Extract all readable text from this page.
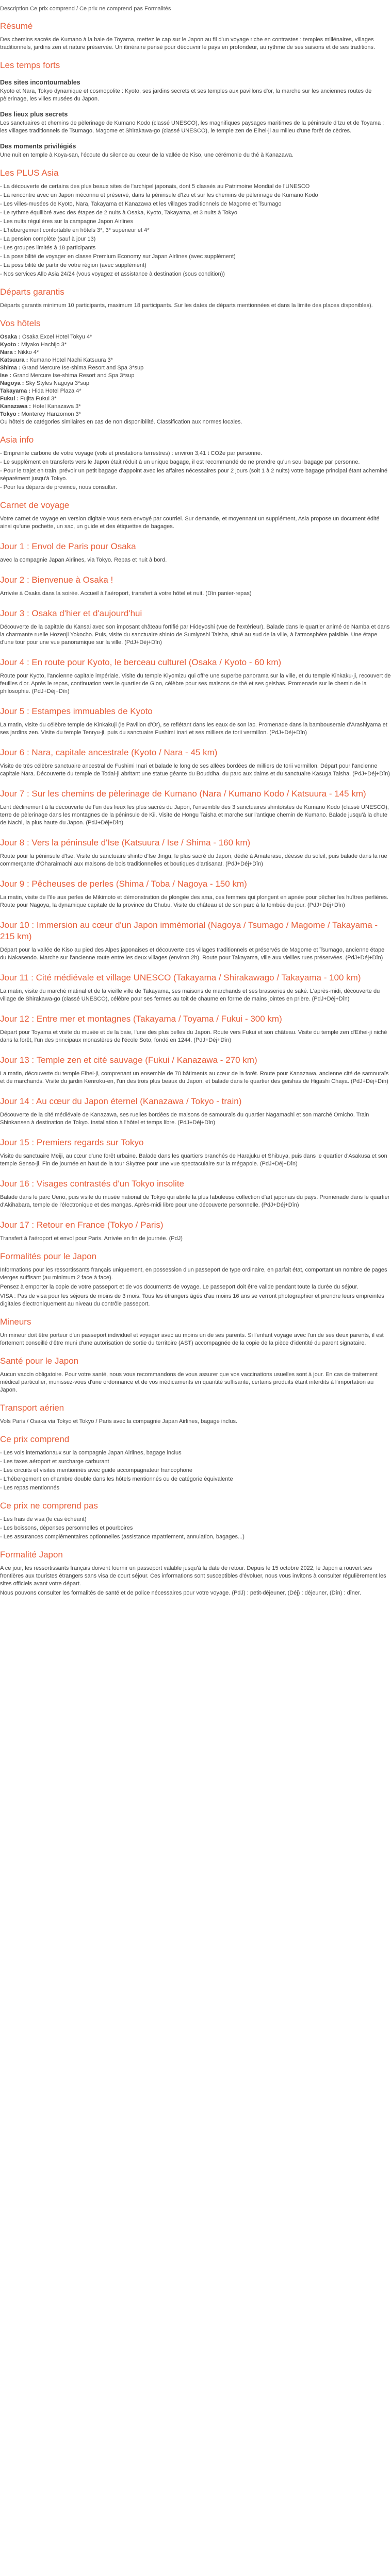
Description Ce prix comprend / Ce prix ne comprend pas Formalités

Résumé

Des chemins sacrés de Kumano à la baie de Toyama, mettez le cap sur le Japon au fil d'un voyage riche en contrastes : temples millénaires, villages traditionnels, jardins zen et nature préservée. Un itinéraire pensé pour découvrir le pays en profondeur, au rythme de ses saisons et de ses traditions.

Les temps forts
Des sites incontournables

Kyoto et Nara, Tokyo dynamique et cosmopolite : Kyoto, ses jardins secrets et ses temples aux pavillons d'or, la marche sur les anciennes routes de pèlerinage, les villes musées du Japon.

Des lieux plus secrets

Les sanctuaires et chemins de pèlerinage de Kumano Kodo (classé UNESCO), les magnifiques paysages maritimes de la péninsule d'Izu et de Toyama : les villages traditionnels de Tsumago, Magome et Shirakawa-go (classé UNESCO), le temple zen de Eihei-ji au milieu d'une forêt de cèdres.

Des moments privilégiés

Une nuit en temple à Koya-san, l'écoute du silence au cœur de la vallée de Kiso, une cérémonie du thé à Kanazawa.

Les PLUS Asia

- La découverte de certains des plus beaux sites de l'archipel japonais, dont 5 classés au Patrimoine Mondial de l'UNESCO

- La rencontre avec un Japon méconnu et préservé, dans la péninsule d'Izu et sur les chemins de pèlerinage de Kumano Kodo

- Les villes-musées de Kyoto, Nara, Takayama et Kanazawa et les villages traditionnels de Magome et Tsumago

- Le rythme équilibré avec des étapes de 2 nuits à Osaka, Kyoto, Takayama, et 3 nuits à Tokyo

- Les nuits régulières sur la campagne Japon Airlines

- L'hébergement confortable en hôtels 3*, 3* supérieur et 4*

- La pension complète (sauf à jour 13)

- Les groupes limités à 18 participants

- La possibilité de voyager en classe Premium Economy sur Japan Airlines (avec supplément)

- La possibilité de partir de votre région (avec supplément)

- Nos services Allo Asia 24/24 (vous voyagez et assistance à destination (sous condition))

Départs garantis

Départs garantis minimum 10 participants, maximum 18 participants. Sur les dates de départs mentionnées et dans la limite des places disponibles).

Vos hôtels

Osaka : Osaka Excel Hotel Tokyu 4*

Kyoto : Miyako Hachijo 3*

Nara : Nikko 4*

Katsuura : Kumano Hotel Nachi Katsuura 3*

Shima : Grand Mercure Ise-shima Resort and Spa 3*sup

Ise : Grand Mercure Ise-shima Resort and Spa 3*sup

Nagoya : Sky Styles Nagoya 3*sup

Takayama : Hida Hotel Plaza 4*

Fukui : Fujita Fukui 3*

Kanazawa : Hotel Kanazawa 3*

Tokyo : Monterey Hanzomon 3*

Ou hôtels de catégories similaires en cas de non disponibilité. Classification aux normes locales.

Asia info

- Empreinte carbone de votre voyage (vols et prestations terrestres) : environ 3,41 t CO2e par personne.

- Le supplément en transferts vers le Japon était réduit à un unique bagage, il est recommandé de ne prendre qu'un seul bagage par personne.

- Pour le trajet en train, prévoir un petit bagage d'appoint avec les affaires nécessaires pour 2 jours (soit 1 à 2 nuits) votre bagage principal étant acheminé séparément jusqu'à Tokyo.

- Pour les départs de province, nous consulter.

Carnet de voyage

Votre carnet de voyage en version digitale vous sera envoyé par courriel. Sur demande, et moyennant un supplément, Asia propose un document édité ainsi qu'une pochette, un sac, un guide et des étiquettes de bagages.

Jour 1 : Envol de Paris pour Osaka

avec la compagnie Japan Airlines, via Tokyo. Repas et nuit à bord.

Jour 2 : Bienvenue à Osaka !

Arrivée à Osaka dans la soirée. Accueil à l'aéroport, transfert à votre hôtel et nuit. (Dîn panier-repas)

Jour 3 : Osaka d'hier et d'aujourd'hui

Découverte de la capitale du Kansai avec son imposant château fortifié par Hideyoshi (vue de l'extérieur). Balade dans le quartier animé de Namba et dans la charmante ruelle Hozenji Yokocho. Puis, visite du sanctuaire shinto de Sumiyoshi Taisha, situé au sud de la ville, à l'atmosphère paisible. Une étape d'une tour pour une vue panoramique sur la ville. (PdJ+Déj+Dîn)

Jour 4 : En route pour Kyoto, le berceau culturel (Osaka / Kyoto - 60 km)

Route pour Kyoto, l'ancienne capitale impériale. Visite du temple Kiyomizu qui offre une superbe panorama sur la ville, et du temple Kinkaku-ji, recouvert de feuilles d'or. Après le repas, continuation vers le quartier de Gion, célèbre pour ses maisons de thé et ses geishas. Promenade sur le chemin de la philosophie. (PdJ+Déj+Dîn)

Jour 5 : Estampes immuables de Kyoto

La matin, visite du célèbre temple de Kinkakuji (le Pavillon d'Or), se reflétant dans les eaux de son lac. Promenade dans la bambouseraie d'Arashiyama et ses jardins zen. Visite du temple Tenryu-ji, puis du sanctuaire Fushimi Inari et ses milliers de torii vermillon. (PdJ+Déj+Dîn)

Jour 6 : Nara, capitale ancestrale (Kyoto / Nara - 45 km)

Visite de très célèbre sanctuaire ancestral de Fushimi Inari et balade le long de ses allées bordées de milliers de torii vermillon. Départ pour l'ancienne capitale Nara. Découverte du temple de Todai-ji abritant une statue géante du Bouddha, du parc aux daims et du sanctuaire Kasuga Taisha. (PdJ+Déj+Dîn)

Jour 7 : Sur les chemins de pèlerinage de Kumano (Nara / Kumano Kodo / Katsuura - 145 km)

Lent déclinement à la découverte de l'un des lieux les plus sacrés du Japon, l'ensemble des 3 sanctuaires shintoïstes de Kumano Kodo (classé UNESCO), terre de pèlerinage dans les montagnes de la péninsule de Kii. Visite de Hongu Taisha et marche sur l'antique chemin de Kumano. Balade jusqu'à la chute de Nachi, la plus haute du Japon. (PdJ+Déj+Dîn)

Jour 8 : Vers la péninsule d'Ise (Katsuura / Ise / Shima - 160 km)

Route pour la péninsule d'Ise. Visite du sanctuaire shinto d'Ise Jingu, le plus sacré du Japon, dédié à Amaterasu, déesse du soleil, puis balade dans la rue commerçante d'Oharaimachi aux maisons de bois traditionnelles et boutiques d'artisanat. (PdJ+Déj+Dîn)

Jour 9 : Pêcheuses de perles (Shima / Toba / Nagoya - 150 km)

La matin, visite de l'île aux perles de Mikimoto et démonstration de plongée des ama, ces femmes qui plongent en apnée pour pêcher les huîtres perlières. Route pour Nagoya, la dynamique capitale de la province du Chubu. Visite du château et de son parc à la tombée du jour. (PdJ+Déj+Dîn)

Jour 10 : Immersion au cœur d'un Japon immémorial (Nagoya / Tsumago / Magome / Takayama - 215 km)

Départ pour la vallée de Kiso au pied des Alpes japonaises et découverte des villages traditionnels et préservés de Magome et Tsumago, ancienne étape du Nakasendo. Marche sur l'ancienne route entre les deux villages (environ 2h). Route pour Takayama, ville aux vieilles rues préservées. (PdJ+Déj+Dîn)

Jour 11 : Cité médiévale et village UNESCO (Takayama / Shirakawago / Takayama - 100 km)

La matin, visite du marché matinal et de la vieille ville de Takayama, ses maisons de marchands et ses brasseries de saké. L'après-midi, découverte du village de Shirakawa-go (classé UNESCO), célèbre pour ses fermes au toit de chaume en forme de mains jointes en prière. (PdJ+Déj+Dîn)

Jour 12 : Entre mer et montagnes (Takayama / Toyama / Fukui - 300 km)

Départ pour Toyama et visite du musée et de la baie, l'une des plus belles du Japon. Route vers Fukui et son château. Visite du temple zen d'Eihei-ji niché dans la forêt, l'un des principaux monastères de l'école Soto, fondé en 1244. (PdJ+Déj+Dîn)

Jour 13 : Temple zen et cité sauvage (Fukui / Kanazawa - 270 km)

La matin, découverte du temple Eihei-ji, comprenant un ensemble de 70 bâtiments au cœur de la forêt. Route pour Kanazawa, ancienne cité de samouraïs et de marchands. Visite du jardin Kenroku-en, l'un des trois plus beaux du Japon, et balade dans le quartier des geishas de Higashi Chaya. (PdJ+Déj+Dîn)

Jour 14 : Au cœur du Japon éternel (Kanazawa / Tokyo - train)

Découverte de la cité médiévale de Kanazawa, ses ruelles bordées de maisons de samouraïs du quartier Nagamachi et son marché Omicho. Train Shinkansen à destination de Tokyo. Installation à l'hôtel et temps libre. (PdJ+Déj+Dîn)

Jour 15 : Premiers regards sur Tokyo

Visite du sanctuaire Meiji, au cœur d'une forêt urbaine. Balade dans les quartiers branchés de Harajuku et Shibuya, puis dans le quartier d'Asakusa et son temple Senso-ji. Fin de journée en haut de la tour Skytree pour une vue spectaculaire sur la mégapole. (PdJ+Déj+Dîn)

Jour 16 : Visages contrastés d'un Tokyo insolite

Balade dans le parc Ueno, puis visite du musée national de Tokyo qui abrite la plus fabuleuse collection d'art japonais du pays. Promenade dans le quartier d'Akihabara, temple de l'électronique et des mangas. Après-midi libre pour une découverte personnelle. (PdJ+Déj+Dîn)

Jour 17 : Retour en France (Tokyo / Paris)

Transfert à l'aéroport et envol pour Paris. Arrivée en fin de journée. (PdJ)

Formalités pour le Japon

Informations pour les ressortissants français uniquement, en possession d'un passeport de type ordinaire, en parfait état, comportant un nombre de pages vierges suffisant (au minimum 2 face à face).

Pensez à emporter la copie de votre passeport et de vos documents de voyage. Le passeport doit être valide pendant toute la durée du séjour.

VISA : Pas de visa pour les séjours de moins de 3 mois. Tous les étrangers âgés d'au moins 16 ans se verront photographier et prendre leurs empreintes digitales électroniquement au niveau du contrôle passeport.

Mineurs

Un mineur doit être porteur d'un passeport individuel et voyager avec au moins un de ses parents. Si l'enfant voyage avec l'un de ses deux parents, il est fortement conseillé d'être muni d'une autorisation de sortie du territoire (AST) accompagnée de la copie de la pièce d'identité du parent signataire.

Santé pour le Japon

Aucun vaccin obligatoire. Pour votre santé, nous vous recommandons de vous assurer que vos vaccinations usuelles sont à jour. En cas de traitement médical particulier, munissez-vous d'une ordonnance et de vos médicaments en quantité suffisante, certains produits étant interdits à l'importation au Japon.

Transport aérien

Vols Paris / Osaka via Tokyo et Tokyo / Paris avec la compagnie Japan Airlines, bagage inclus.

Ce prix comprend

- Les vols internationaux sur la compagnie Japan Airlines, bagage inclus

- Les taxes aéroport et surcharge carburant

- Les circuits et visites mentionnés avec guide accompagnateur francophone

- L'hébergement en chambre double dans les hôtels mentionnés ou de catégorie équivalente

- Les repas mentionnés

Ce prix ne comprend pas

- Les frais de visa (le cas échéant)

- Les boissons, dépenses personnelles et pourboires

- Les assurances complémentaires optionnelles (assistance rapatriement, annulation, bagages...)

Formalité Japon

A ce jour, les ressortissants français doivent fournir un passeport valable jusqu'à la date de retour. Depuis le 15 octobre 2022, le Japon a rouvert ses frontières aux touristes étrangers sans visa de court séjour. Ces informations sont susceptibles d'évoluer, nous vous invitons à consulter régulièrement les sites officiels avant votre départ.

Nous pouvons consulter les formalités de santé et de police nécessaires pour votre voyage. (PdJ) : petit-déjeuner, (Déj) : déjeuner, (Dîn) : dîner.
